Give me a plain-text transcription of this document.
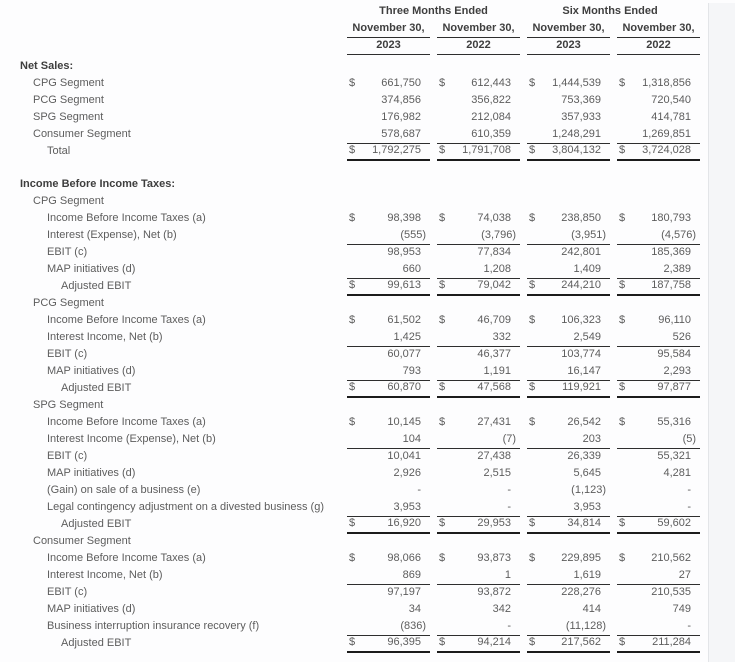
		Three Months Ended					Six Months Ended					
		November 30,			November 30,			November 30,			November 30,	
		2023			2022			2023			2022	

Net Sales:												
CPG Segment		$	661,750		$	612,443		$	1,444,539		$	1,318,856
PCG Segment			374,856			356,822			753,369			720,540
SPG Segment			176,982			212,084			357,933			414,781
Consumer Segment			578,687			610,359			1,248,291			1,269,851
Total		$	1,792,275		$	1,791,708		$	3,804,132		$	3,724,028

Income Before Income Taxes:												
CPG Segment												
Income Before Income Taxes (a)		$	98,398		$	74,038		$	238,850		$	180,793
Interest (Expense), Net (b)			(555)			(3,796)			(3,951)			(4,576)
EBIT (c)			98,953			77,834			242,801			185,369
MAP initiatives (d)			660			1,208			1,409			2,389
Adjusted EBIT		$	99,613		$	79,042		$	244,210		$	187,758
PCG Segment												
Income Before Income Taxes (a)		$	61,502		$	46,709		$	106,323		$	96,110
Interest Income, Net (b)			1,425			332			2,549			526
EBIT (c)			60,077			46,377			103,774			95,584
MAP initiatives (d)			793			1,191			16,147			2,293
Adjusted EBIT		$	60,870		$	47,568		$	119,921		$	97,877
SPG Segment												
Income Before Income Taxes (a)		$	10,145		$	27,431		$	26,542		$	55,316
Interest Income (Expense), Net (b)			104			(7)			203			(5)
EBIT (c)			10,041			27,438			26,339			55,321
MAP initiatives (d)			2,926			2,515			5,645			4,281
(Gain) on sale of a business (e)			-			-			(1,123)			-
Legal contingency adjustment on a divested business (g)			3,953			-			3,953			-
Adjusted EBIT		$	16,920		$	29,953		$	34,814		$	59,602
Consumer Segment												
Income Before Income Taxes (a)		$	98,066		$	93,873		$	229,895		$	210,562
Interest Income, Net (b)			869			1			1,619			27
EBIT (c)			97,197			93,872			228,276			210,535
MAP initiatives (d)			34			342			414			749
Business interruption insurance recovery (f)			(836)			-			(11,128)			-
Adjusted EBIT		$	96,395		$	94,214		$	217,562		$	211,284
